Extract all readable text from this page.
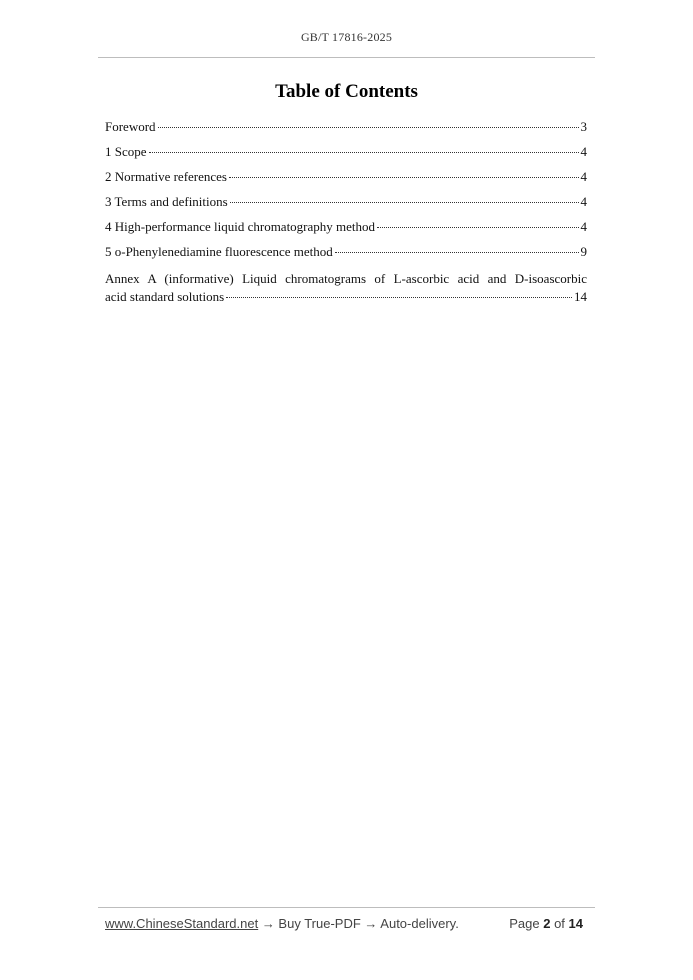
GB/T 17816-2025
Table of Contents
Foreword	3
1 Scope	4
2 Normative references	4
3 Terms and definitions	4
4 High-performance liquid chromatography method	4
5 o-Phenylenediamine fluorescence method	9
Annex A (informative) Liquid chromatograms of L-ascorbic acid and D-isoascorbic
acid standard solutions	14
www.ChineseStandard.net → Buy True-PDF → Auto-delivery.	Page 2 of 14
